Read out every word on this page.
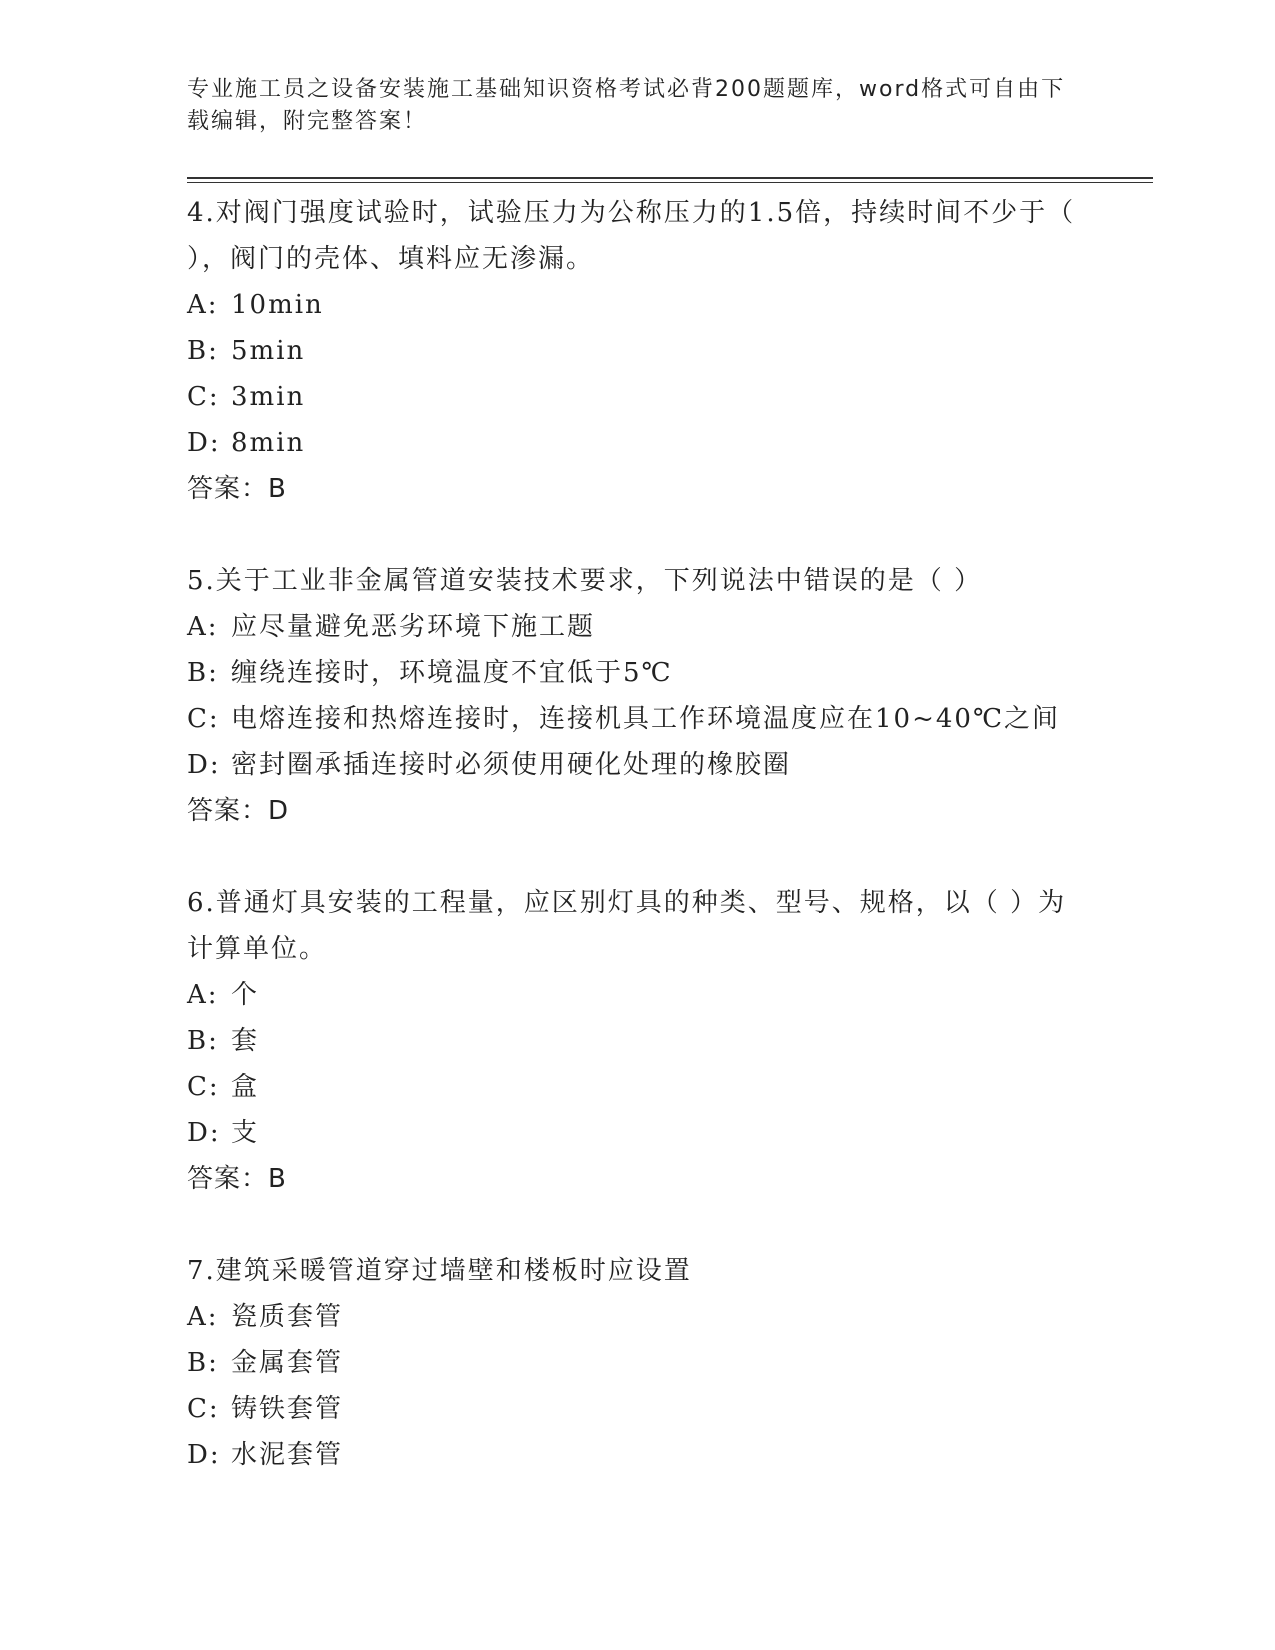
专业施工员之设备安装施工基础知识资格考试必背200题题库，word格式可自由下载编辑，附完整答案！
4.对阀门强度试验时，试验压力为公称压力的1.5倍，持续时间不少于（ ），阀门的壳体、填料应无渗漏。
A: 10min
B: 5min
C: 3min
D: 8min
答案：B
5.关于工业非金属管道安装技术要求，下列说法中错误的是（ ）
A: 应尽量避免恶劣环境下施工题
B: 缠绕连接时，环境温度不宜低于5℃
C: 电熔连接和热熔连接时，连接机具工作环境温度应在10~40℃之间
D: 密封圈承插连接时必须使用硬化处理的橡胶圈
答案：D
6.普通灯具安装的工程量，应区别灯具的种类、型号、规格，以（ ）为计算单位。
A: 个
B: 套
C: 盒
D: 支
答案：B
7.建筑采暖管道穿过墙壁和楼板时应设置
A: 瓷质套管
B: 金属套管
C: 铸铁套管
D: 水泥套管
